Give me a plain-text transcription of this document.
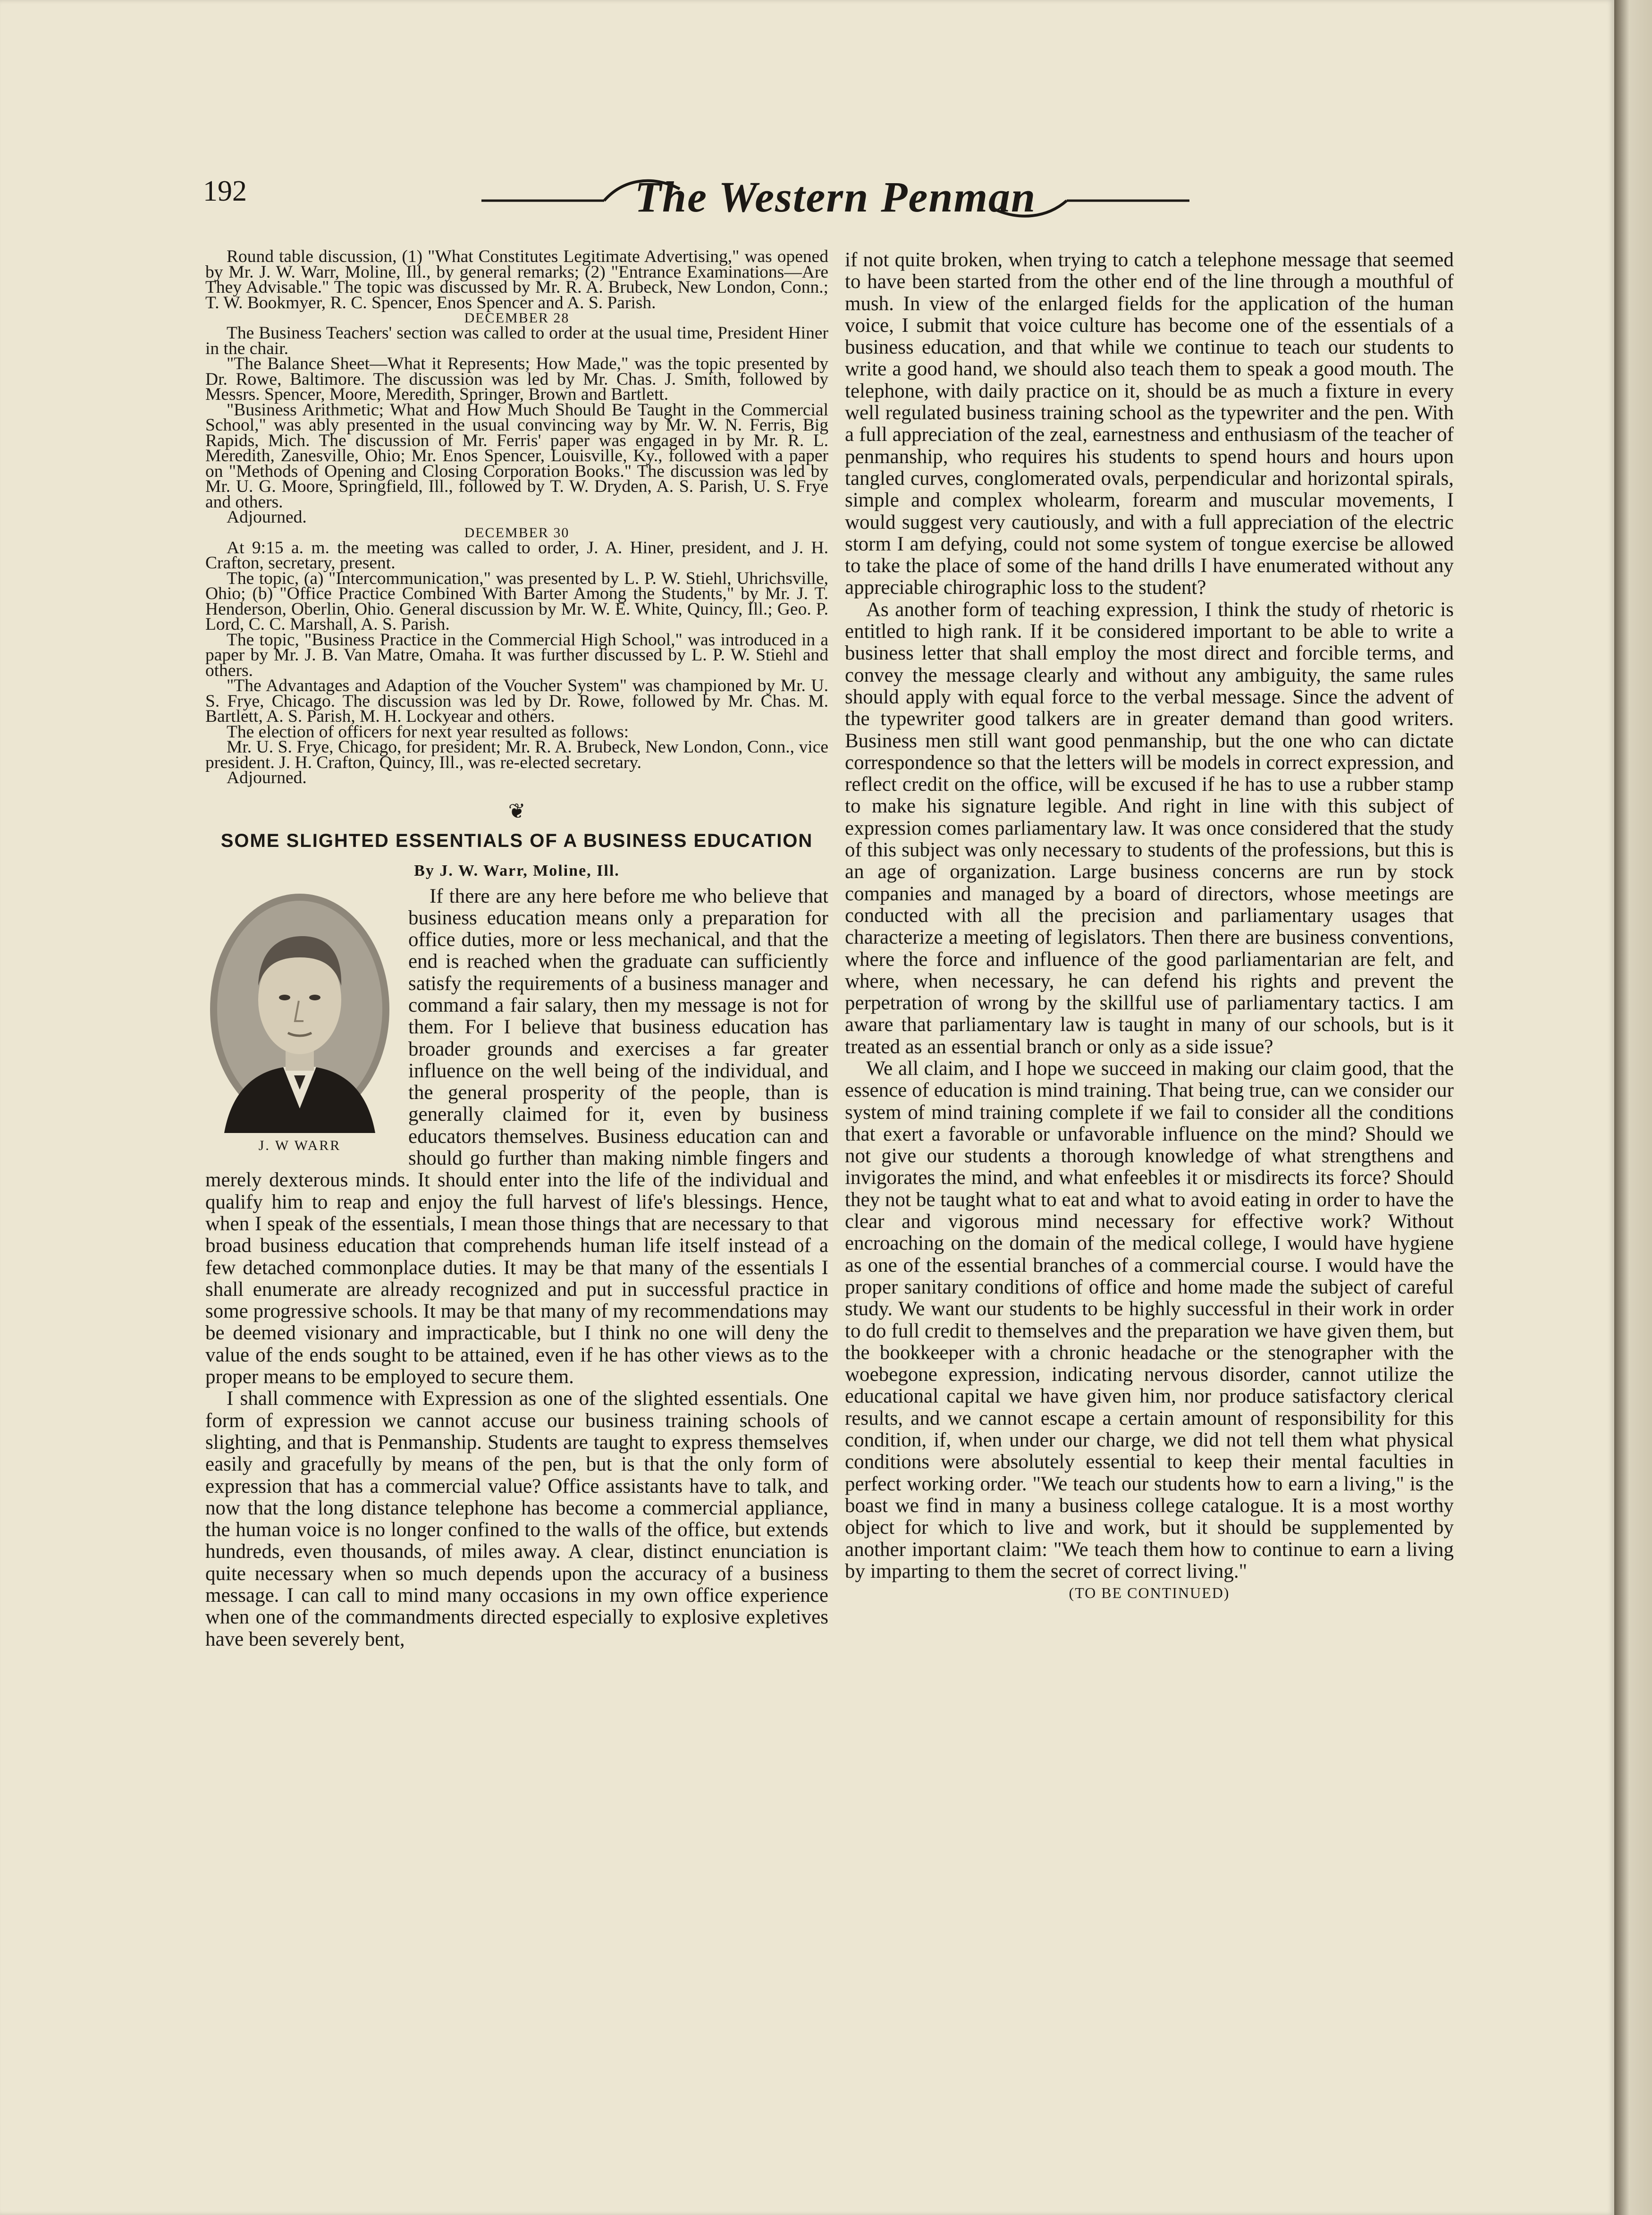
192	The Western Penman

Round table discussion, (1) "What Constitutes Legitimate Advertising," was opened by Mr. J. W. Warr, Moline, Ill., by general remarks; (2) "Entrance Examinations—Are They Advisable." The topic was discussed by Mr. R. A. Brubeck, New London, Conn.; T. W. Bookmyer, R. C. Spencer, Enos Spencer and A. S. Parish.

DECEMBER 28

The Business Teachers' section was called to order at the usual time, President Hiner in the chair.

"The Balance Sheet—What it Represents; How Made," was the topic presented by Dr. Rowe, Baltimore. The discussion was led by Mr. Chas. J. Smith, followed by Messrs. Spencer, Moore, Meredith, Springer, Brown and Bartlett.

"Business Arithmetic; What and How Much Should Be Taught in the Commercial School," was ably presented in the usual convincing way by Mr. W. N. Ferris, Big Rapids, Mich. The discussion of Mr. Ferris' paper was engaged in by Mr. R. L. Meredith, Zanesville, Ohio; Mr. Enos Spencer, Louisville, Ky., followed with a paper on "Methods of Opening and Closing Corporation Books." The discussion was led by Mr. U. G. Moore, Springfield, Ill., followed by T. W. Dryden, A. S. Parish, U. S. Frye and others.

Adjourned.

DECEMBER 30

At 9:15 a. m. the meeting was called to order, J. A. Hiner, president, and J. H. Crafton, secretary, present.

The topic, (a) "Intercommunication," was presented by L. P. W. Stiehl, Uhrichsville, Ohio; (b) "Office Practice Combined With Barter Among the Students," by Mr. J. T. Henderson, Oberlin, Ohio. General discussion by Mr. W. E. White, Quincy, Ill.; Geo. P. Lord, C. C. Marshall, A. S. Parish.

The topic, "Business Practice in the Commercial High School," was introduced in a paper by Mr. J. B. Van Matre, Omaha. It was further discussed by L. P. W. Stiehl and others.

"The Advantages and Adaption of the Voucher System" was championed by Mr. U. S. Frye, Chicago. The discussion was led by Dr. Rowe, followed by Mr. Chas. M. Bartlett, A. S. Parish, M. H. Lockyear and others.

The election of officers for next year resulted as follows:

Mr. U. S. Frye, Chicago, for president; Mr. R. A. Brubeck, New London, Conn., vice president. J. H. Crafton, Quincy, Ill., was re-elected secretary.

Adjourned.

❦
SOME SLIGHTED ESSENTIALS OF A BUSINESS EDUCATION

By J. W. Warr, Moline, Ill.

J. W WARR

If there are any here before me who believe that business education means only a preparation for office duties, more or less mechanical, and that the end is reached when the graduate can sufficiently satisfy the requirements of a business manager and command a fair salary, then my message is not for them. For I believe that business education has broader grounds and exercises a far greater influence on the well being of the individual, and the general prosperity of the people, than is generally claimed for it, even by business educators themselves. Business education can and should go further than making nimble fingers and merely dexterous minds. It should enter into the life of the individual and qualify him to reap and enjoy the full harvest of life's blessings. Hence, when I speak of the essentials, I mean those things that are necessary to that broad business education that comprehends human life itself instead of a few detached commonplace duties. It may be that many of the essentials I shall enumerate are already recognized and put in successful practice in some progressive schools. It may be that many of my recommendations may be deemed visionary and impracticable, but I think no one will deny the value of the ends sought to be attained, even if he has other views as to the proper means to be employed to secure them.

I shall commence with Expression as one of the slighted essentials. One form of expression we cannot accuse our business training schools of slighting, and that is Penmanship. Students are taught to express themselves easily and gracefully by means of the pen, but is that the only form of expression that has a commercial value? Office assistants have to talk, and now that the long distance telephone has become a commercial appliance, the human voice is no longer confined to the walls of the office, but extends hundreds, even thousands, of miles away. A clear, distinct enunciation is quite necessary when so much depends upon the accuracy of a business message. I can call to mind many occasions in my own office experience when one of the commandments directed especially to explosive expletives have been severely bent,

if not quite broken, when trying to catch a telephone message that seemed to have been started from the other end of the line through a mouthful of mush. In view of the enlarged fields for the application of the human voice, I submit that voice culture has become one of the essentials of a business education, and that while we continue to teach our students to write a good hand, we should also teach them to speak a good mouth. The telephone, with daily practice on it, should be as much a fixture in every well regulated business training school as the typewriter and the pen. With a full appreciation of the zeal, earnestness and enthusiasm of the teacher of penmanship, who requires his students to spend hours and hours upon tangled curves, conglomerated ovals, perpendicular and horizontal spirals, simple and complex wholearm, forearm and muscular movements, I would suggest very cautiously, and with a full appreciation of the electric storm I am defying, could not some system of tongue exercise be allowed to take the place of some of the hand drills I have enumerated without any appreciable chirographic loss to the student?

As another form of teaching expression, I think the study of rhetoric is entitled to high rank. If it be considered important to be able to write a business letter that shall employ the most direct and forcible terms, and convey the message clearly and without any ambiguity, the same rules should apply with equal force to the verbal message. Since the advent of the typewriter good talkers are in greater demand than good writers. Business men still want good penmanship, but the one who can dictate correspondence so that the letters will be models in correct expression, and reflect credit on the office, will be excused if he has to use a rubber stamp to make his signature legible. And right in line with this subject of expression comes parliamentary law. It was once considered that the study of this subject was only necessary to students of the professions, but this is an age of organization. Large business concerns are run by stock companies and managed by a board of directors, whose meetings are conducted with all the precision and parliamentary usages that characterize a meeting of legislators. Then there are business conventions, where the force and influence of the good parliamentarian are felt, and where, when necessary, he can defend his rights and prevent the perpetration of wrong by the skillful use of parliamentary tactics. I am aware that parliamentary law is taught in many of our schools, but is it treated as an essential branch or only as a side issue?

We all claim, and I hope we succeed in making our claim good, that the essence of education is mind training. That being true, can we consider our system of mind training complete if we fail to consider all the conditions that exert a favorable or unfavorable influence on the mind? Should we not give our students a thorough knowledge of what strengthens and invigorates the mind, and what enfeebles it or misdirects its force? Should they not be taught what to eat and what to avoid eating in order to have the clear and vigorous mind necessary for effective work? Without encroaching on the domain of the medical college, I would have hygiene as one of the essential branches of a commercial course. I would have the proper sanitary conditions of office and home made the subject of careful study. We want our students to be highly successful in their work in order to do full credit to themselves and the preparation we have given them, but the bookkeeper with a chronic headache or the stenographer with the woebegone expression, indicating nervous disorder, cannot utilize the educational capital we have given him, nor produce satisfactory clerical results, and we cannot escape a certain amount of responsibility for this condition, if, when under our charge, we did not tell them what physical conditions were absolutely essential to keep their mental faculties in perfect working order. "We teach our students how to earn a living," is the boast we find in many a business college catalogue. It is a most worthy object for which to live and work, but it should be supplemented by another important claim: "We teach them how to continue to earn a living by imparting to them the secret of correct living."

(TO BE CONTINUED)
